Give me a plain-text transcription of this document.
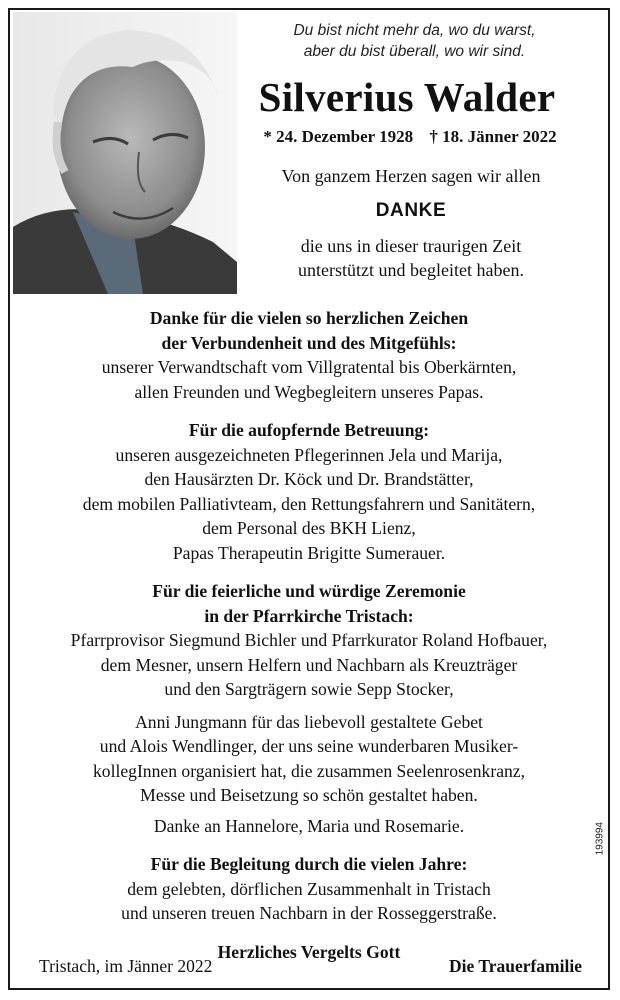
Du bist nicht mehr da, wo du warst,
aber du bist überall, wo wir sind.
Silverius Walder
* 24. Dezember 1928 † 18. Jänner 2022
Von ganzem Herzen sagen wir allen
DANKE
die uns in dieser traurigen Zeit
unterstützt und begleitet haben.

Danke für die vielen so herzlichen Zeichen

der Verbundenheit und des Mitgefühls:

unserer Verwandtschaft vom Villgratental bis Oberkärnten,

allen Freunden und Wegbegleitern unseres Papas.

Für die aufopfernde Betreuung:

unseren ausgezeichneten Pflegerinnen Jela und Marija,

den Hausärzten Dr. Köck und Dr. Brandstätter,

dem mobilen Palliativteam, den Rettungsfahrern und Sanitätern,

dem Personal des BKH Lienz,

Papas Therapeutin Brigitte Sumerauer.

Für die feierliche und würdige Zeremonie

in der Pfarrkirche Tristach:

Pfarrprovisor Siegmund Bichler und Pfarrkurator Roland Hofbauer,

dem Mesner, unsern Helfern und Nachbarn als Kreuzträger

und den Sargträgern sowie Sepp Stocker,

Anni Jungmann für das liebevoll gestaltete Gebet

und Alois Wendlinger, der uns seine wunderbaren Musiker-

kollegInnen organisiert hat, die zusammen Seelenrosenkranz,

Messe und Beisetzung so schön gestaltet haben.

Danke an Hannelore, Maria und Rosemarie.

Für die Begleitung durch die vielen Jahre:

dem gelebten, dörflichen Zusammenhalt in Tristach

und unseren treuen Nachbarn in der Rosseggerstraße.

Herzliches Vergelts Gott

Tristach, im Jänner 2022	Die Trauerfamilie
193994
